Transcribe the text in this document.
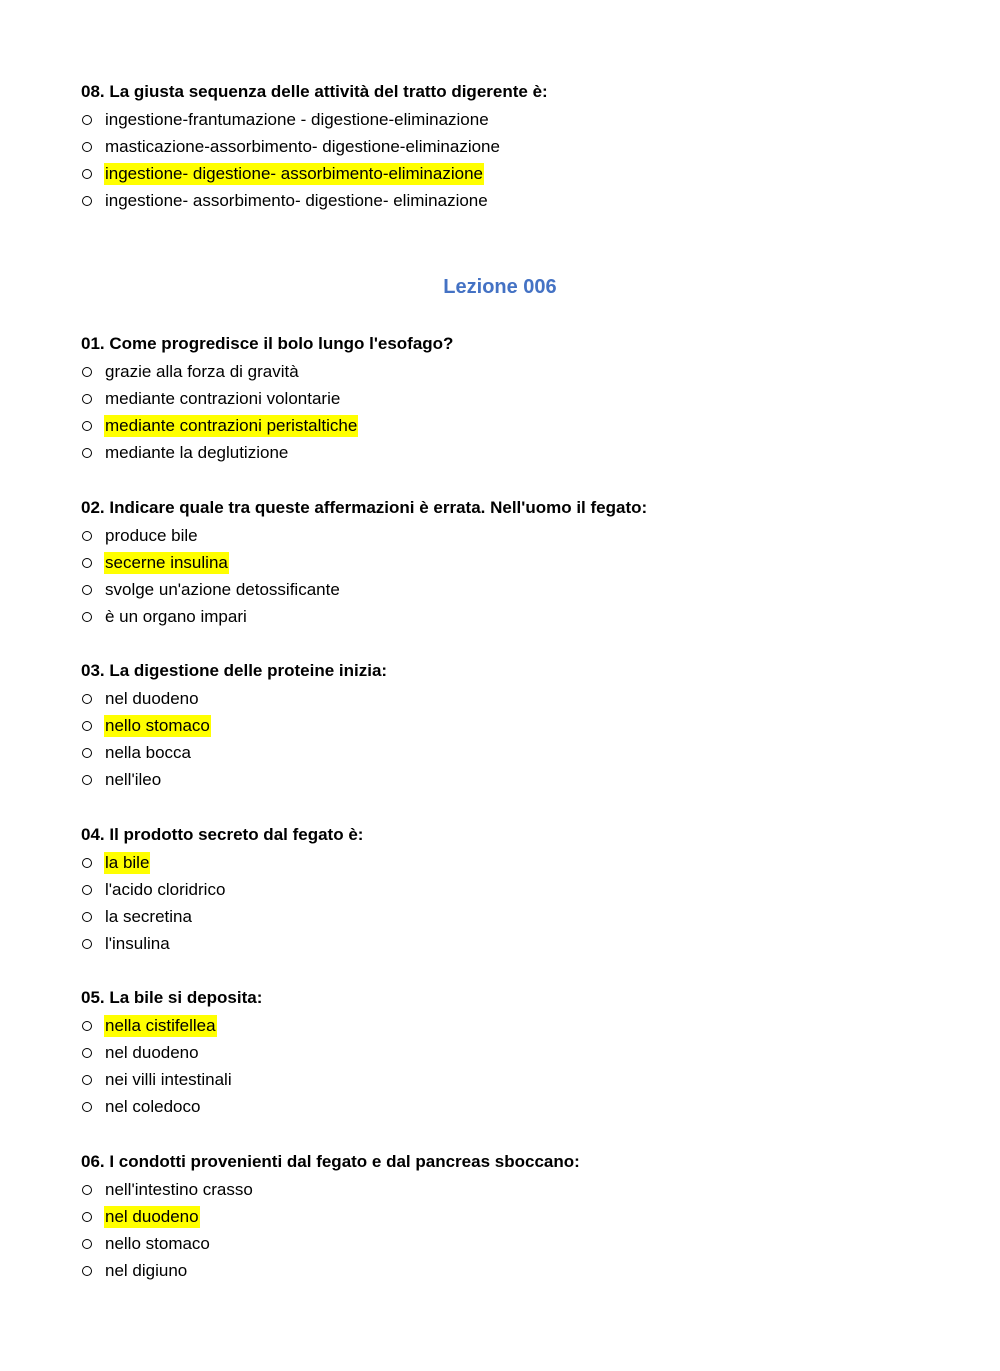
Lezione 006
08. La giusta sequenza delle attività del tratto digerente è:
ingestione-frantumazione - digestione-eliminazione
masticazione-assorbimento- digestione-eliminazione
ingestione- digestione- assorbimento-eliminazione
ingestione- assorbimento- digestione- eliminazione
01. Come progredisce il bolo lungo l'esofago?
grazie alla forza di gravità
mediante contrazioni volontarie
mediante contrazioni peristaltiche
mediante la deglutizione
02. Indicare quale tra queste affermazioni è errata. Nell'uomo il fegato:
produce bile
secerne insulina
svolge un'azione detossificante
è un organo impari
03. La digestione delle proteine inizia:
nel duodeno
nello stomaco
nella bocca
nell'ileo
04. Il prodotto secreto dal fegato è:
la bile
l'acido cloridrico
la secretina
l'insulina
05. La bile si deposita:
nella cistifellea
nel duodeno
nei villi intestinali
nel coledoco
06. I condotti provenienti dal fegato e dal pancreas sboccano:
nell'intestino crasso
nel duodeno
nello stomaco
nel digiuno
